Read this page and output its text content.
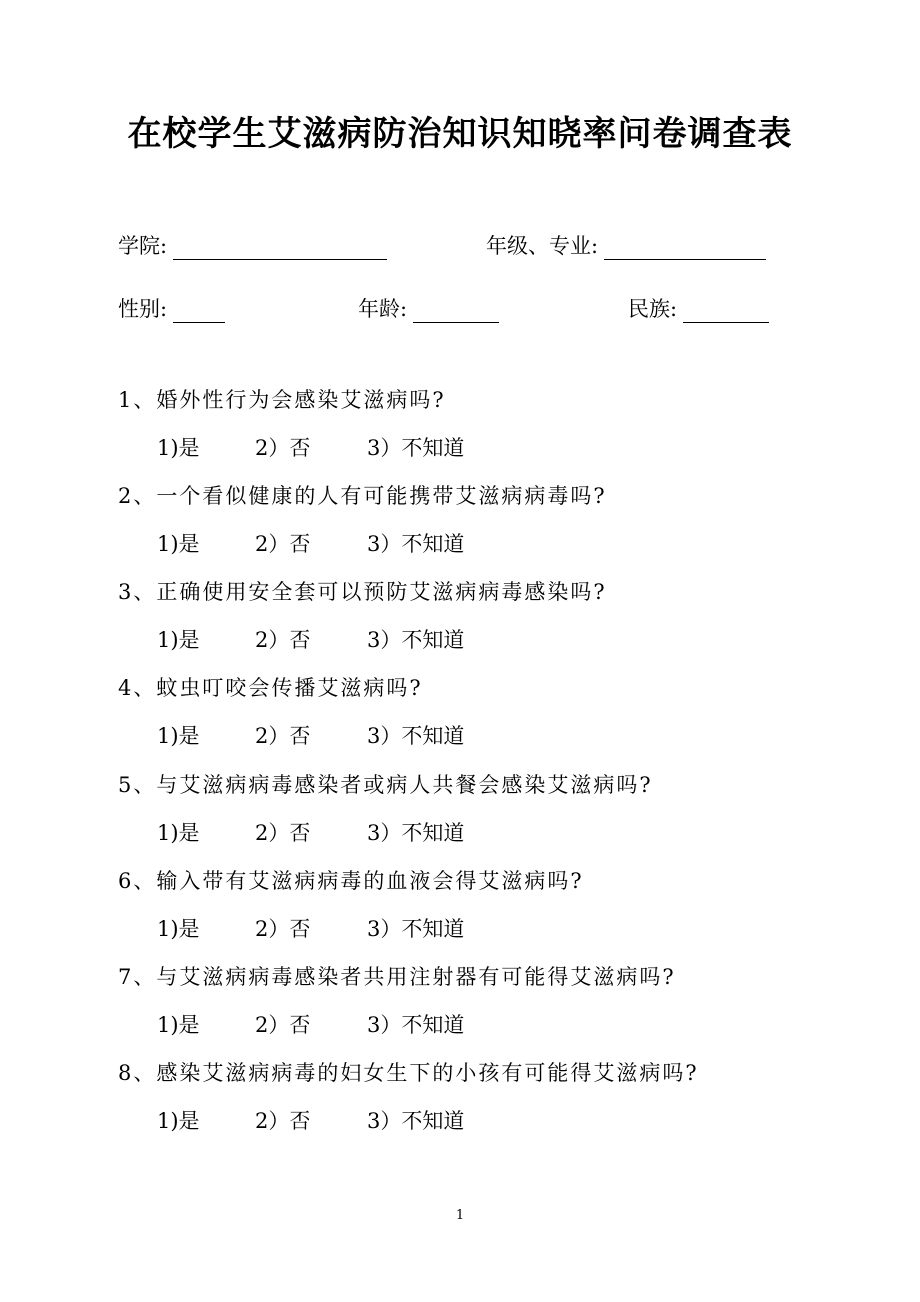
在校学生艾滋病防治知识知晓率问卷调查表
学院:	年级、专业:
性别:	年龄:	民族:
1、婚外性行为会感染艾滋病吗?
1)是	2）否	3）不知道
2、一个看似健康的人有可能携带艾滋病病毒吗?
1)是	2）否	3）不知道
3、正确使用安全套可以预防艾滋病病毒感染吗?
1)是	2）否	3）不知道
4、蚊虫叮咬会传播艾滋病吗?
1)是	2）否	3）不知道
5、与艾滋病病毒感染者或病人共餐会感染艾滋病吗?
1)是	2）否	3）不知道
6、输入带有艾滋病病毒的血液会得艾滋病吗?
1)是	2）否	3）不知道
7、与艾滋病病毒感染者共用注射器有可能得艾滋病吗?
1)是	2）否	3）不知道
8、感染艾滋病病毒的妇女生下的小孩有可能得艾滋病吗?
1)是	2）否	3）不知道
1
